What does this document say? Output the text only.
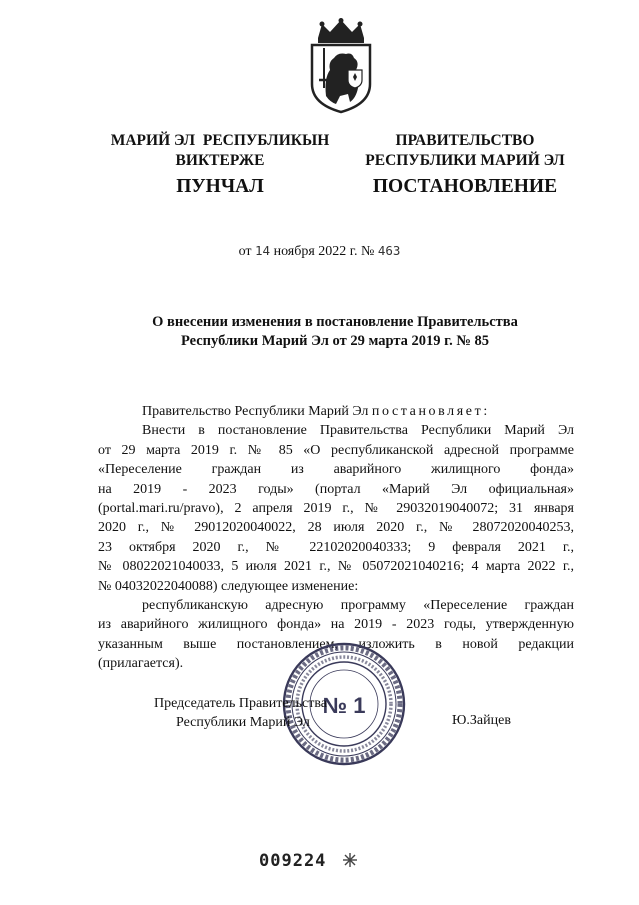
МАРИЙ ЭЛ  РЕСПУБЛИКЫН
ВИКТЕРЖЕ
ПРАВИТЕЛЬСТВО
РЕСПУБЛИКИ МАРИЙ ЭЛ
ПУНЧАЛ	ПОСТАНОВЛЕНИЕ
от 14 ноября 2022 г. № 463
О внесении изменения в постановление Правительства
Республики Марий Эл от 29 марта 2019 г. № 85

Правительство Республики Марий Эл постановляет:

Внести в постановление Правительства Республики Марий Эл

от 29 марта 2019 г. № 85 «О республиканской адресной программе

«Переселение граждан из аварийного жилищного фонда»

на 2019 - 2023 годы» (портал «Марий Эл официальная»

(portal.mari.ru/pravo), 2 апреля 2019 г., № 29032019040072; 31 января

2020 г., № 29012020040022, 28 июля 2020 г., № 28072020040253,

23 октября 2020 г., № 22102020040333; 9 февраля 2021 г.,

№ 08022021040033, 5 июля 2021 г., № 05072021040216; 4 марта 2022 г.,

№ 04032022040088) следующее изменение:

республиканскую адресную программу «Переселение граждан

из аварийного жилищного фонда» на 2019 - 2023 годы, утвержденную

указанным выше постановлением, изложить в новой редакции

(прилагается).

№ 1
Председатель Правительства
Республики Марий Эл	Ю.Зайцев
009224
